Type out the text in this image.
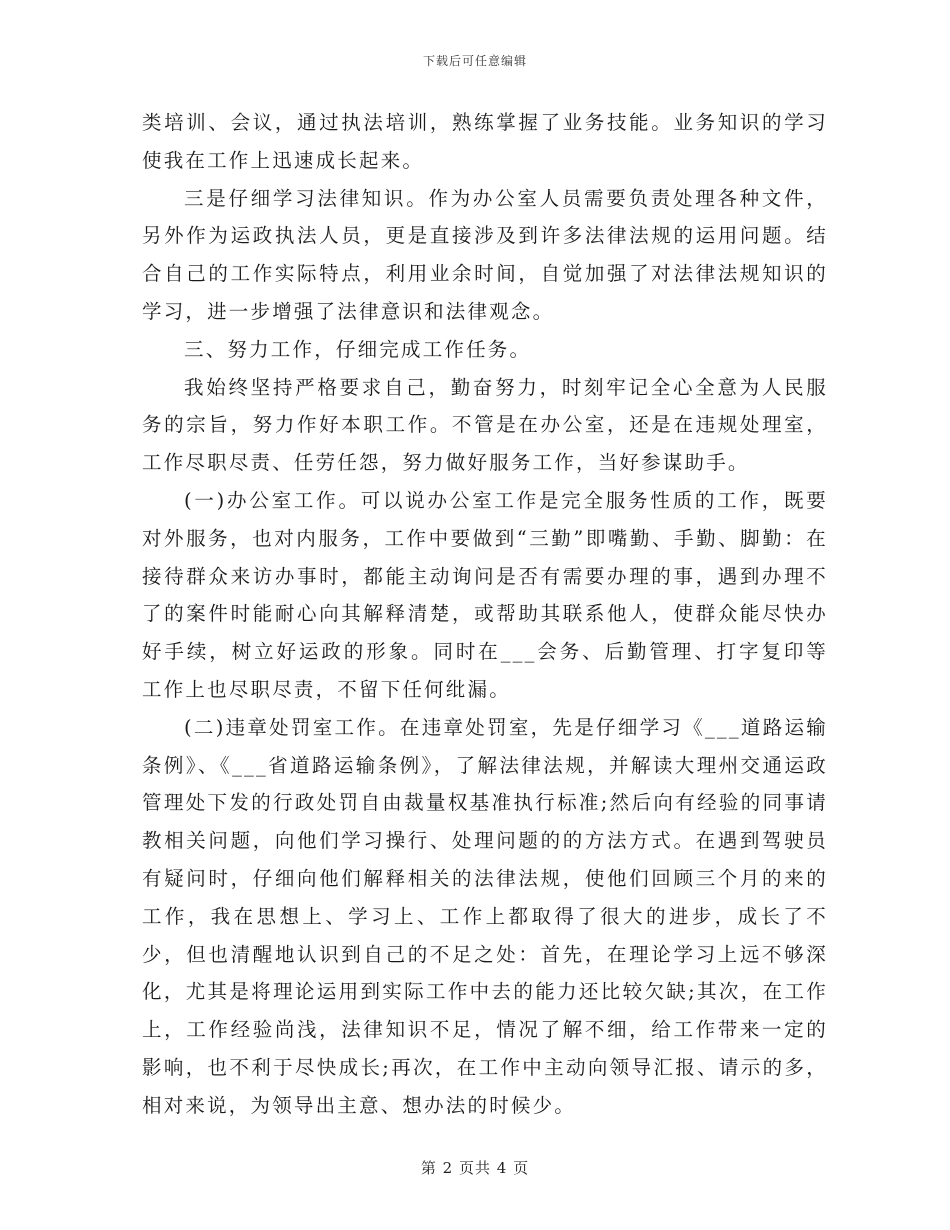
下载后可任意编辑

类培训、会议，通过执法培训，熟练掌握了业务技能。业务知识的学习使我在工作上迅速成长起来。

三是仔细学习法律知识。作为办公室人员需要负责处理各种文件，另外作为运政执法人员，更是直接涉及到许多法律法规的运用问题。结合自己的工作实际特点，利用业余时间，自觉加强了对法律法规知识的学习，进一步增强了法律意识和法律观念。

三、努力工作，仔细完成工作任务。

我始终坚持严格要求自己，勤奋努力，时刻牢记全心全意为人民服务的宗旨，努力作好本职工作。不管是在办公室，还是在违规处理室，工作尽职尽责、任劳任怨，努力做好服务工作，当好参谋助手。

(一)办公室工作。可以说办公室工作是完全服务性质的工作，既要对外服务，也对内服务，工作中要做到“三勤”即嘴勤、手勤、脚勤：在接待群众来访办事时，都能主动询问是否有需要办理的事，遇到办理不了的案件时能耐心向其解释清楚，或帮助其联系他人，使群众能尽快办好手续，树立好运政的形象。同时在___会务、后勤管理、打字复印等工作上也尽职尽责，不留下任何纰漏。

(二)违章处罚室工作。在违章处罚室，先是仔细学习《___道路运输条例》、《___省道路运输条例》，了解法律法规，并解读大理州交通运政管理处下发的行政处罚自由裁量权基准执行标准;然后向有经验的同事请教相关问题，向他们学习操行、处理问题的的方法方式。在遇到驾驶员有疑问时，仔细向他们解释相关的法律法规，使他们回顾三个月的来的工作，我在思想上、学习上、工作上都取得了很大的进步，成长了不少，但也清醒地认识到自己的不足之处：首先，在理论学习上远不够深化，尤其是将理论运用到实际工作中去的能力还比较欠缺;其次，在工作上，工作经验尚浅，法律知识不足，情况了解不细，给工作带来一定的影响，也不利于尽快成长;再次，在工作中主动向领导汇报、请示的多，相对来说，为领导出主意、想办法的时候少。

第 2 页共 4 页
